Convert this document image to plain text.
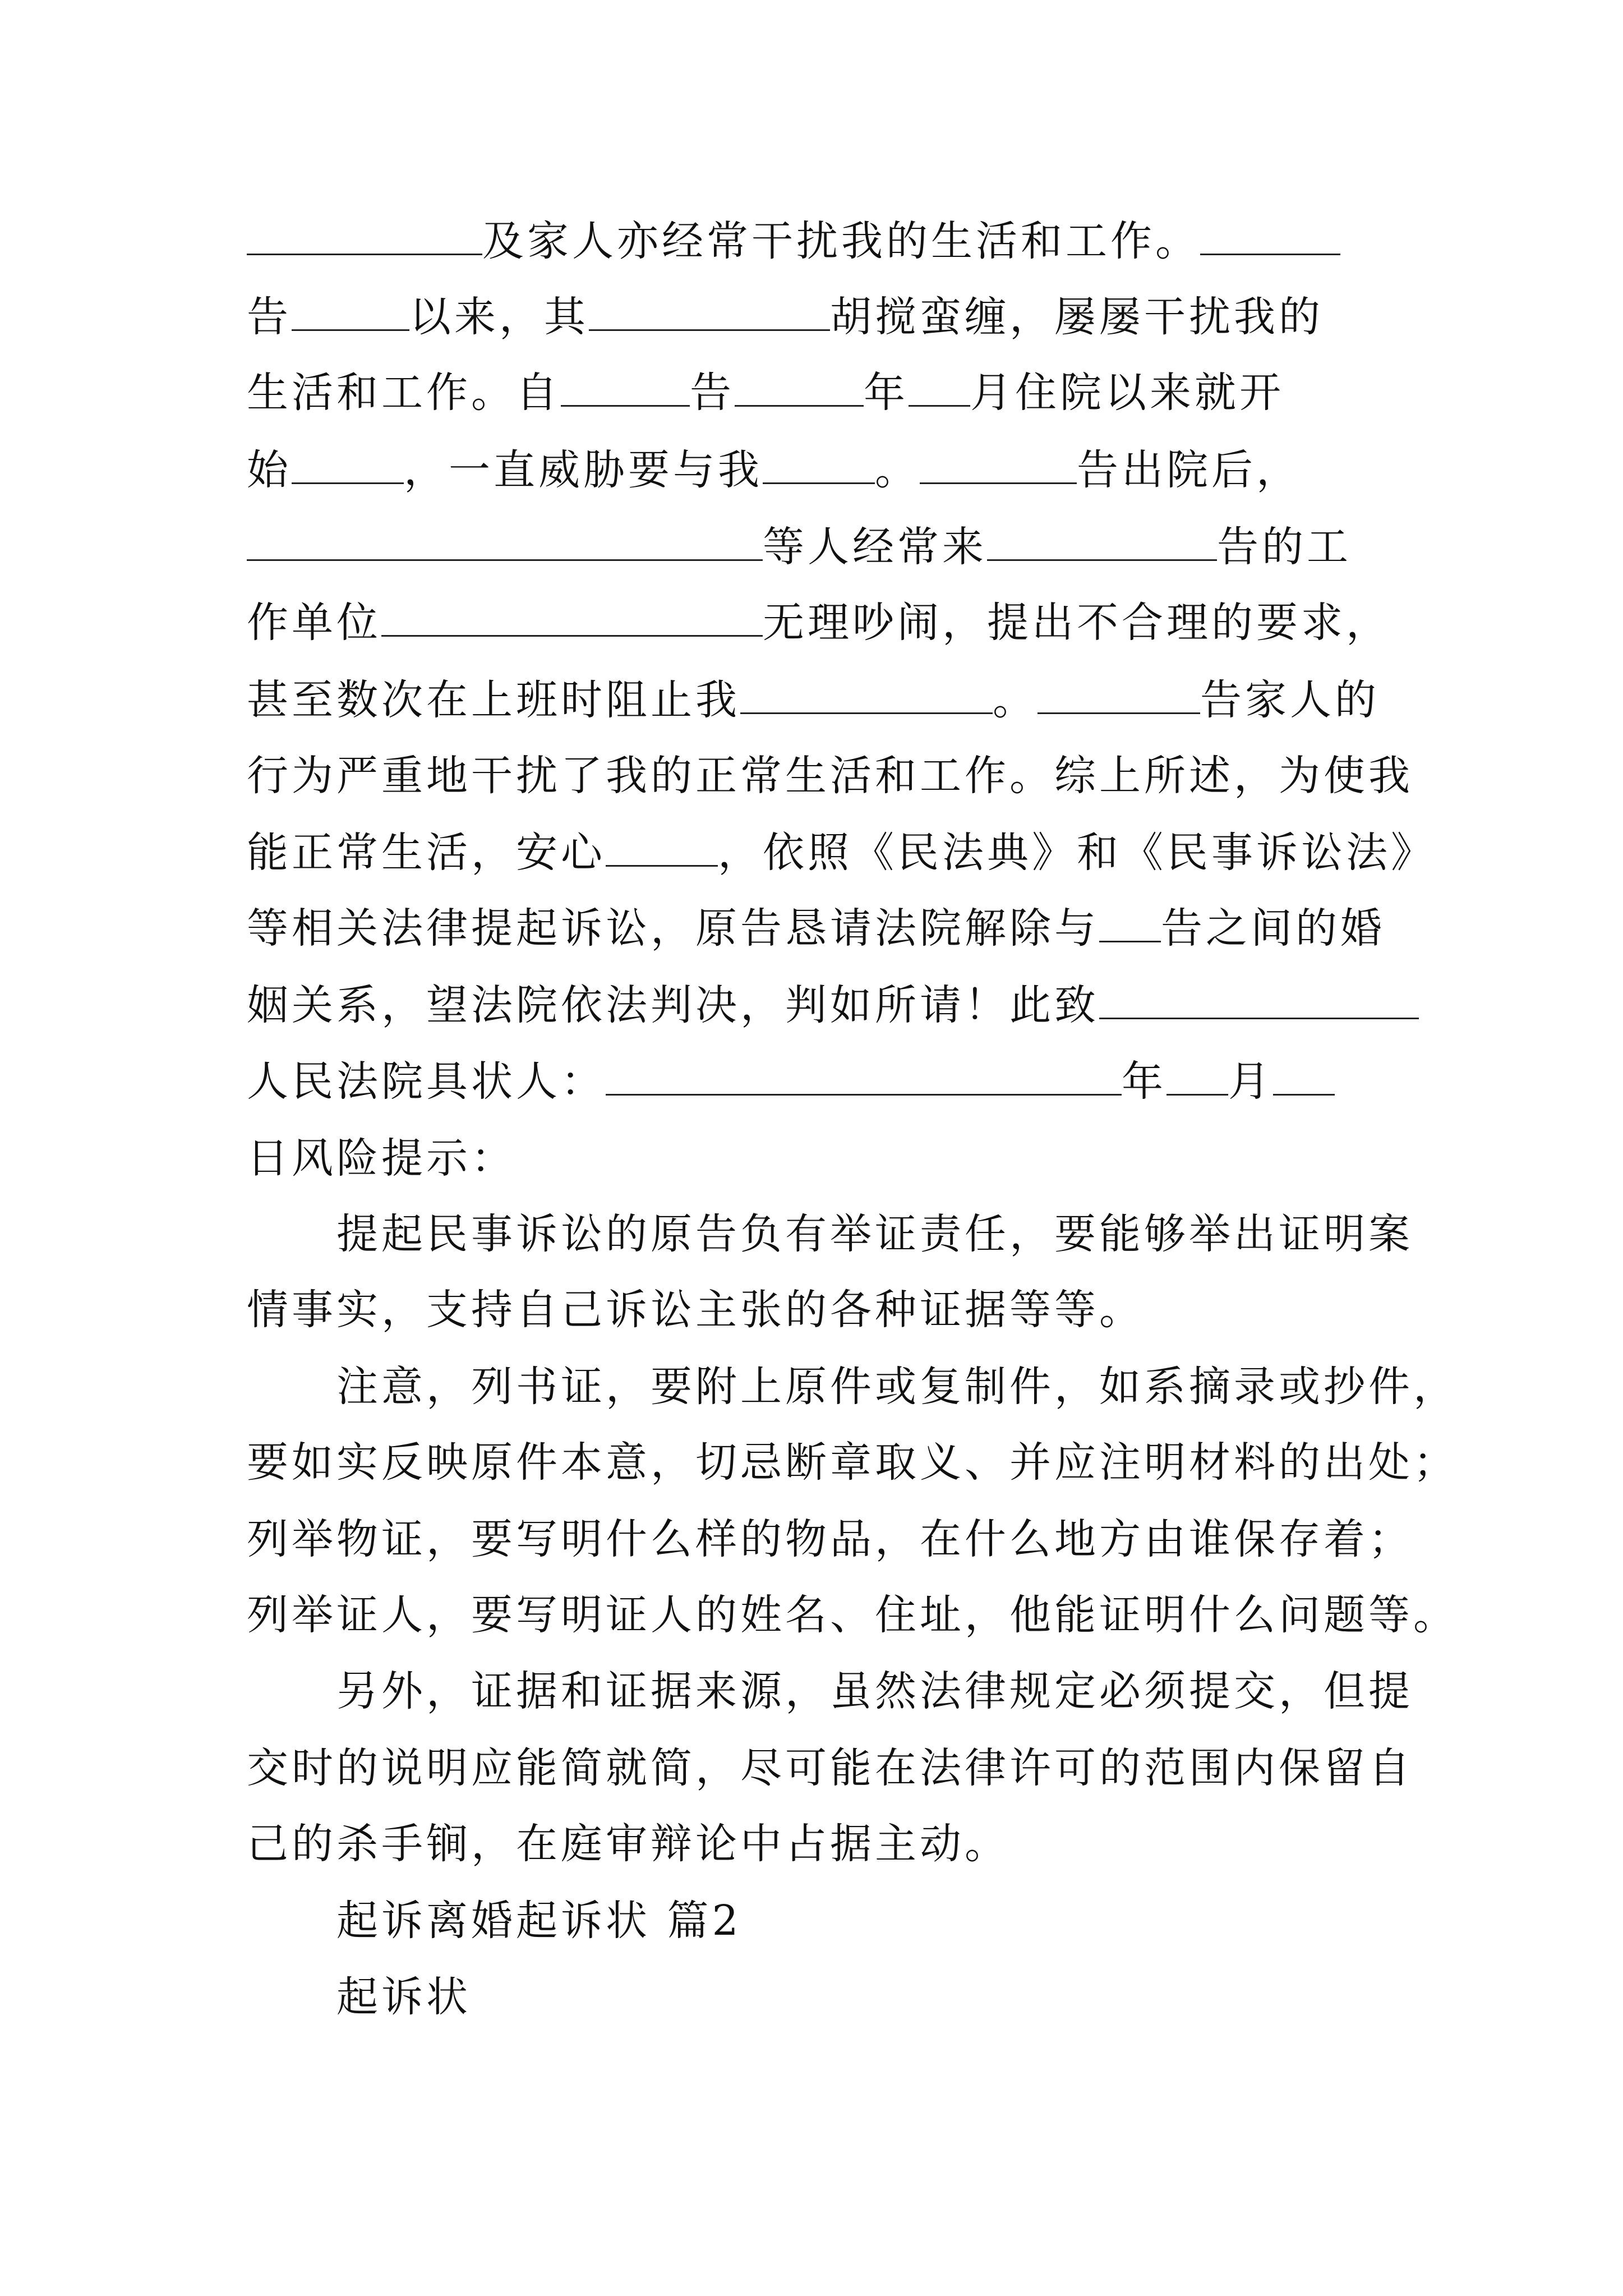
及家人亦经常干扰我的生活和工作。
告	以来，其	胡搅蛮缠，屡屡干扰我的
生活和工作。自	告	年 月住院以来就开
始	，一直威胁要与我	。	告出院后，
等人经常来	告的工
作单位	无理吵闹，提出不合理的要求，
甚至数次在上班时阻止我	。	告家人的
行为严重地干扰了我的正常生活和工作。综上所述，为使我
能正常生活，安心	，依照《民法典》和《民事诉讼法》
等相关法律提起诉讼，原告恳请法院解除与 告之间的婚
姻关系，望法院依法判决，判如所请！此致
人民法院具状人：	年 月
日风险提示：
提起民事诉讼的原告负有举证责任，要能够举出证明案
情事实，支持自己诉讼主张的各种证据等等。
注意，列书证，要附上原件或复制件，如系摘录或抄件，
要如实反映原件本意，切忌断章取义、并应注明材料的出处；
列举物证，要写明什么样的物品，在什么地方由谁保存着；
列举证人，要写明证人的姓名、住址，他能证明什么问题等。
另外，证据和证据来源，虽然法律规定必须提交，但提
交时的说明应能简就简，尽可能在法律许可的范围内保留自
己的杀手锏，在庭审辩论中占据主动。
起诉离婚起诉状 篇2
起诉状
